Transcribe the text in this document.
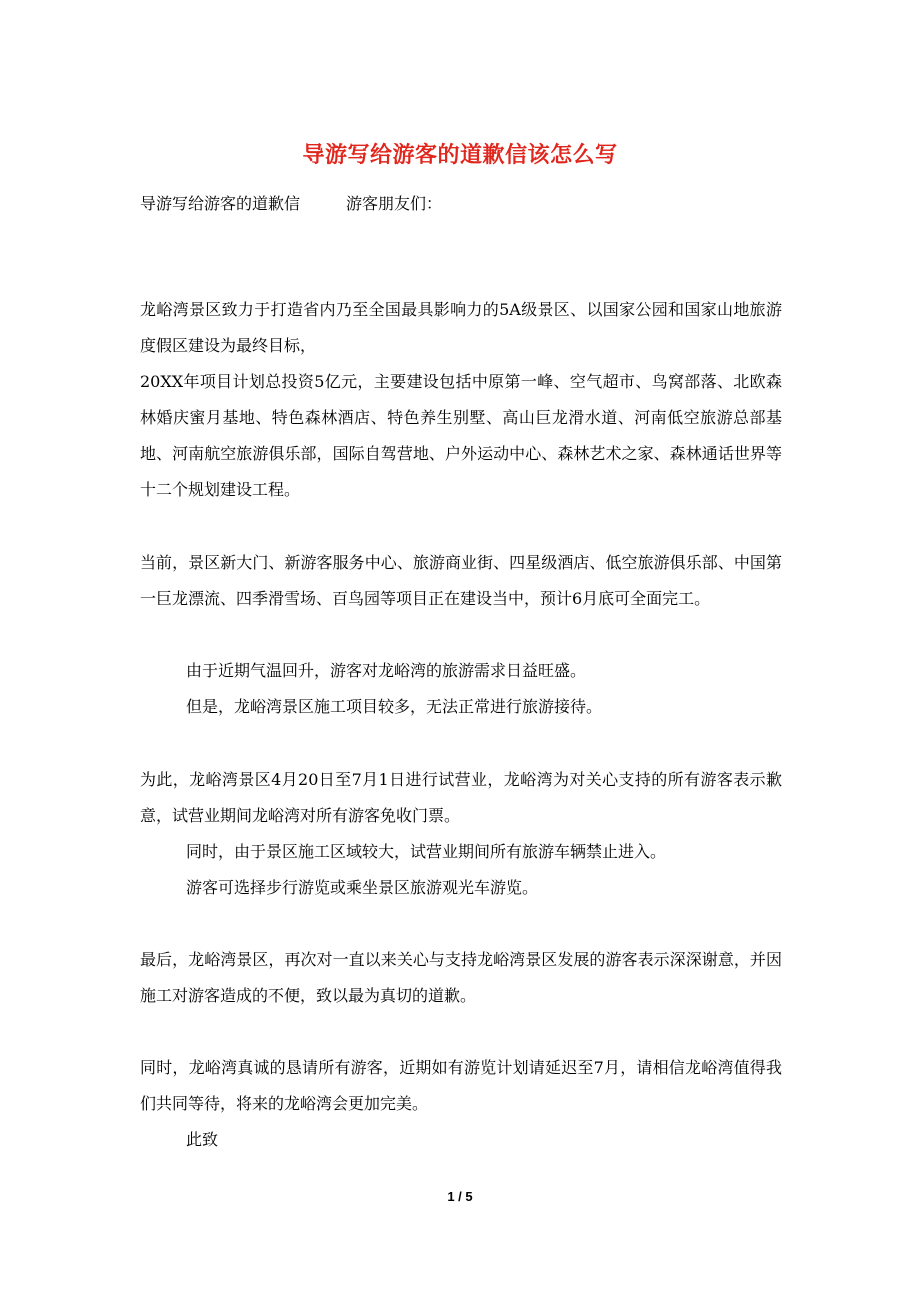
导游写给游客的道歉信该怎么写
导游写给游客的道歉信	游客朋友们：

龙峪湾景区致力于打造省内乃至全国最具影响力的5A级景区、以国家公园和国家山地旅游度假区建设为最终目标，

20XX年项目计划总投资5亿元，主要建设包括中原第一峰、空气超市、鸟窝部落、北欧森林婚庆蜜月基地、特色森林酒店、特色养生别墅、高山巨龙滑水道、河南低空旅游总部基地、河南航空旅游俱乐部，国际自驾营地、户外运动中心、森林艺术之家、森林通话世界等十二个规划建设工程。

当前，景区新大门、新游客服务中心、旅游商业街、四星级酒店、低空旅游俱乐部、中国第一巨龙漂流、四季滑雪场、百鸟园等项目正在建设当中，预计6月底可全面完工。

由于近期气温回升，游客对龙峪湾的旅游需求日益旺盛。

但是，龙峪湾景区施工项目较多，无法正常进行旅游接待。

为此，龙峪湾景区4月20日至7月1日进行试营业，龙峪湾为对关心支持的所有游客表示歉意，试营业期间龙峪湾对所有游客免收门票。

同时，由于景区施工区域较大，试营业期间所有旅游车辆禁止进入。

游客可选择步行游览或乘坐景区旅游观光车游览。

最后，龙峪湾景区，再次对一直以来关心与支持龙峪湾景区发展的游客表示深深谢意，并因施工对游客造成的不便，致以最为真切的道歉。

同时，龙峪湾真诚的恳请所有游客，近期如有游览计划请延迟至7月，请相信龙峪湾值得我们共同等待，将来的龙峪湾会更加完美。

此致

1 / 5
